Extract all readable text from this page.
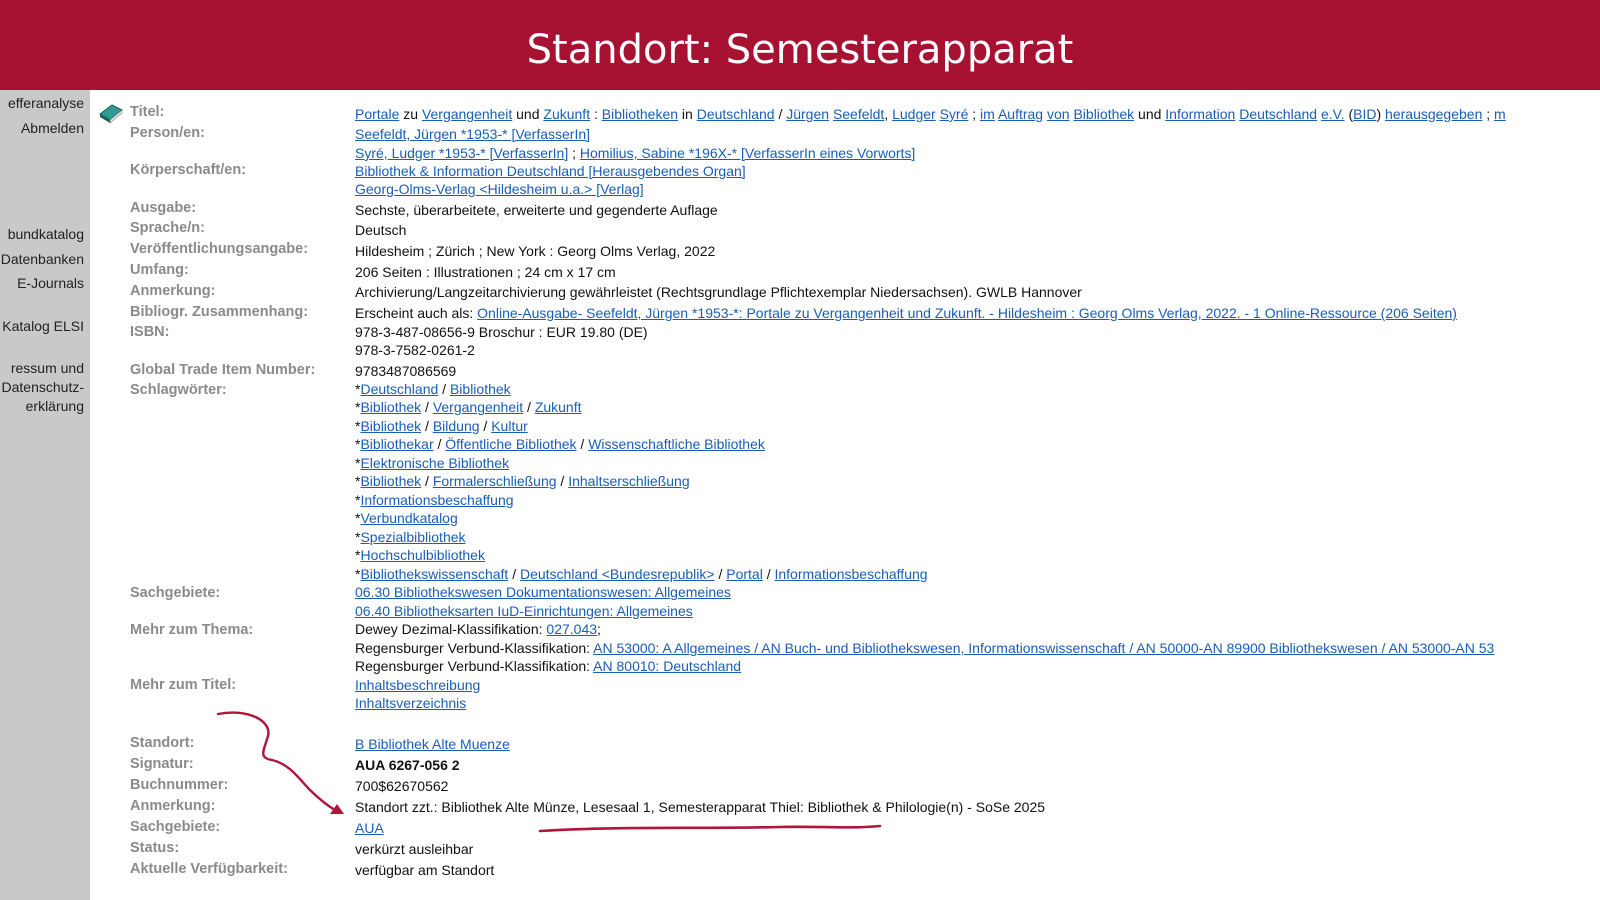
Standort: Semesterapparat
efferanalyse
Abmelden
bundkatalog
Datenbanken
E-Journals
Katalog ELSI
ressum und
Datenschutz-
erklärung
Titel:
Person/en:
Körperschaft/en:
Ausgabe:
Sprache/n:
Veröffentlichungsangabe:
Umfang:
Anmerkung:
Bibliogr. Zusammenhang:
ISBN:
Global Trade Item Number:
Schlagwörter:
Sachgebiete:
Mehr zum Thema:
Mehr zum Titel:
Standort:
Signatur:
Buchnummer:
Anmerkung:
Sachgebiete:
Status:
Aktuelle Verfügbarkeit:
Portale zu Vergangenheit und Zukunft : Bibliotheken in Deutschland / Jürgen Seefeldt, Ludger Syré ; im Auftrag von Bibliothek und Information Deutschland e.V. (BID) herausgegeben ; m
Seefeldt, Jürgen *1953-* [VerfasserIn]
Syré, Ludger *1953-* [VerfasserIn] ; Homilius, Sabine *196X-* [VerfasserIn eines Vorworts]
Bibliothek & Information Deutschland [Herausgebendes Organ]
Georg-Olms-Verlag <Hildesheim u.a.> [Verlag]
Sechste, überarbeitete, erweiterte und gegenderte Auflage
Deutsch
Hildesheim ; Zürich ; New York : Georg Olms Verlag, 2022
206 Seiten : Illustrationen ; 24 cm x 17 cm
Archivierung/Langzeitarchivierung gewährleistet (Rechtsgrundlage Pflichtexemplar Niedersachsen). GWLB Hannover
Erscheint auch als: Online-Ausgabe- Seefeldt, Jürgen *1953-*: Portale zu Vergangenheit und Zukunft. - Hildesheim : Georg Olms Verlag, 2022. - 1 Online-Ressource (206 Seiten)
978-3-487-08656-9 Broschur : EUR 19.80 (DE)
978-3-7582-0261-2
9783487086569
*Deutschland / Bibliothek
*Bibliothek / Vergangenheit / Zukunft
*Bibliothek / Bildung / Kultur
*Bibliothekar / Öffentliche Bibliothek / Wissenschaftliche Bibliothek
*Elektronische Bibliothek
*Bibliothek / Formalerschließung / Inhaltserschließung
*Informationsbeschaffung
*Verbundkatalog
*Spezialbibliothek
*Hochschulbibliothek
*Bibliothekswissenschaft / Deutschland <Bundesrepublik> / Portal / Informationsbeschaffung
06.30 Bibliothekswesen Dokumentationswesen: Allgemeines
06.40 Bibliotheksarten IuD-Einrichtungen: Allgemeines
Dewey Dezimal-Klassifikation: 027.043;
Regensburger Verbund-Klassifikation: AN 53000: A Allgemeines / AN Buch- und Bibliothekswesen, Informationswissenschaft / AN 50000-AN 89900 Bibliothekswesen / AN 53000-AN 53
Regensburger Verbund-Klassifikation: AN 80010: Deutschland
Inhaltsbeschreibung
Inhaltsverzeichnis
B Bibliothek Alte Muenze
AUA 6267-056 2
700$62670562
Standort zzt.: Bibliothek Alte Münze, Lesesaal 1, Semesterapparat Thiel: Bibliothek & Philologie(n) - SoSe 2025
AUA
verkürzt ausleihbar
verfügbar am Standort
